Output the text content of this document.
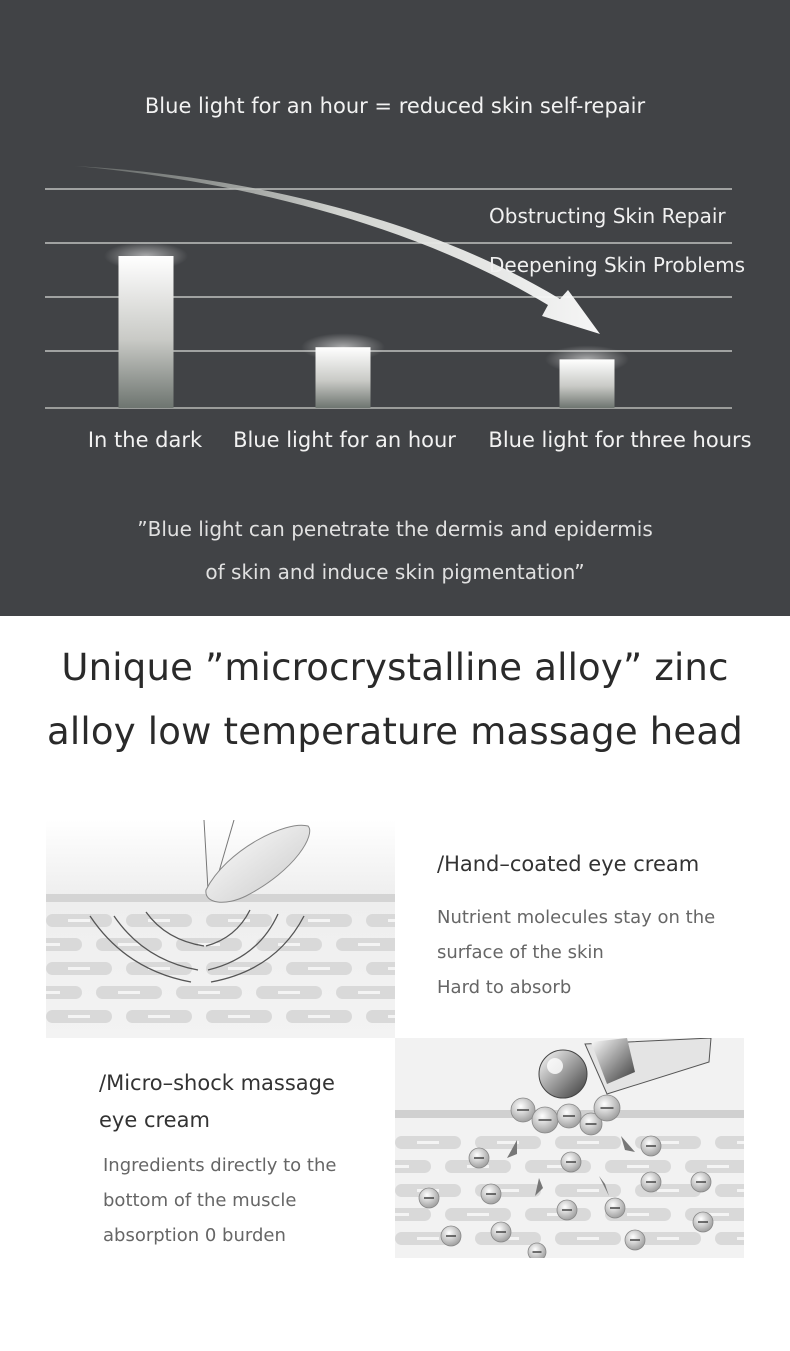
Blue light for an hour = reduced skin self-repair
Obstructing Skin Repair
Deepening Skin Problems
In the dark	Blue light for an hour	Blue light for three hours
”Blue light can penetrate the dermis and epidermis
of skin and induce skin pigmentation”
Unique ”microcrystalline alloy” zinc
alloy low temperature massage head
/Hand–coated eye cream
Nutrient molecules stay on the
surface of the skin
Hard to absorb
/Micro–shock massage
eye cream
Ingredients directly to the
bottom of the muscle
absorption 0 burden
